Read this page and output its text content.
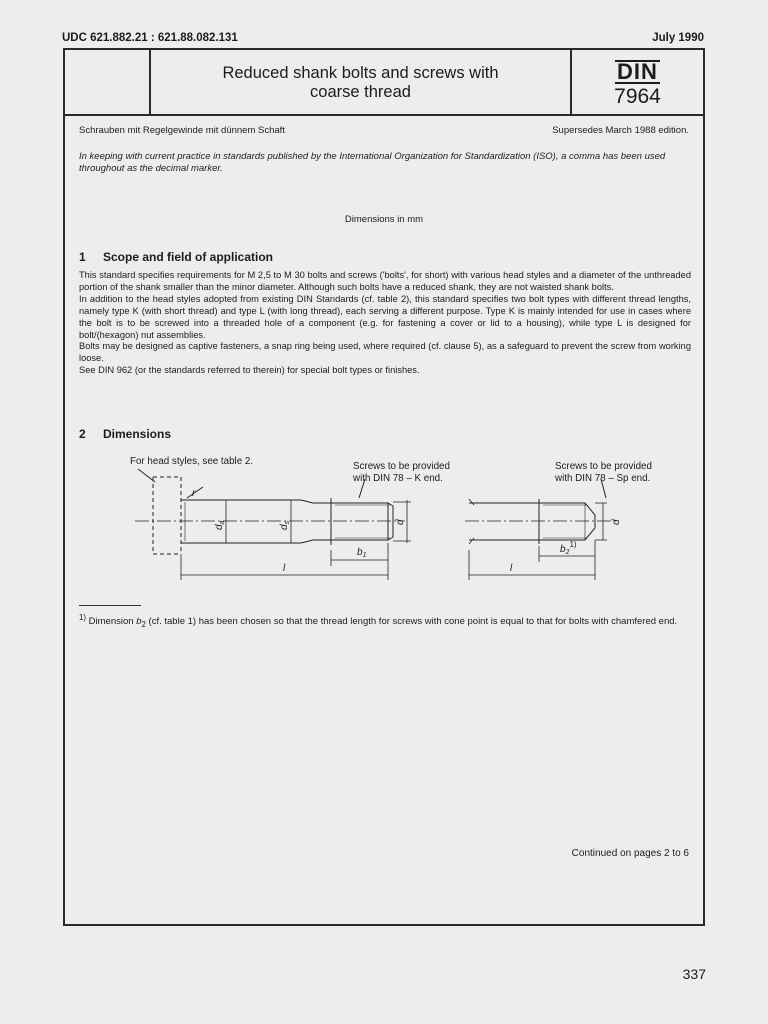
UDC 621.882.21 : 621.88.082.131	July 1990
Reduced shank bolts and screws with
coarse thread
DIN
7964
Schrauben mit Regelgewinde mit dünnem Schaft	Supersedes March 1988 edition.
In keeping with current practice in standards published by the International Organization for Standardization (ISO), a comma has been used throughout as the decimal marker.
Dimensions in mm
1 Scope and field of application

This standard specifies requirements for M 2,5 to M 30 bolts and screws ('bolts', for short) with various head styles and a diameter of the unthreaded portion of the shank smaller than the minor diameter. Although such bolts have a reduced shank, they are not waisted shank bolts.

In addition to the head styles adopted from existing DIN Standards (cf. table 2), this standard specifies two bolt types with different thread lengths, namely type K (with short thread) and type L (with long thread), each serving a different purpose. Type K is mainly intended for use in cases where the bolt is to be screwed into a threaded hole of a component (e.g. for fastening a cover or lid to a housing), while type L is designed for bolt/(hexagon) nut assemblies.

Bolts may be designed as captive fasteners, a snap ring being used, where required (cf. clause 5), as a safeguard to prevent the screw from working loose.

See DIN 962 (or the standards referred to therein) for special bolt types or finishes.

2 Dimensions
For head styles, see table 2.	Screws to be provided
with DIN 78 – K end.
Screws to be provided
with DIN 78 – Sp end.
r
$d_a$
$d_s$	d	d
$b_1$
$b_2^{1)}$
l	l
$^{1)}$ Dimension $b_2$ (cf. table 1) has been chosen so that the thread length for screws with cone point is equal to that for bolts with chamfered end.
Continued on pages 2 to 6
337
